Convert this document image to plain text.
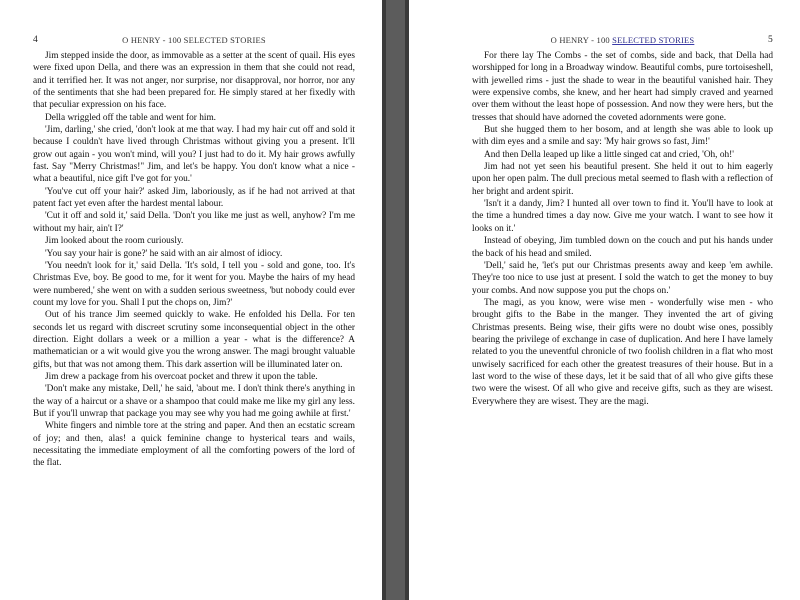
4	O HENRY - 100 SELECTED STORIES

Jim stepped inside the door, as immovable as a setter at the scent of quail. His eyes were fixed upon Della, and there was an expression in them that she could not read, and it terrified her. It was not anger, nor surprise, nor disapproval, nor horror, nor any of the sentiments that she had been prepared for. He simply stared at her fixedly with that peculiar expression on his face.

Della wriggled off the table and went for him.

'Jim, darling,' she cried, 'don't look at me that way. I had my hair cut off and sold it because I couldn't have lived through Christmas without giving you a present. It'll grow out again - you won't mind, will you? I just had to do it. My hair grows awfully fast. Say "Merry Christmas!" Jim, and let's be happy. You don't know what a nice - what a beautiful, nice gift I've got for you.'

'You've cut off your hair?' asked Jim, laboriously, as if he had not arrived at that patent fact yet even after the hardest mental labour.

'Cut it off and sold it,' said Della. 'Don't you like me just as well, anyhow? I'm me without my hair, ain't I?'

Jim looked about the room curiously.

'You say your hair is gone?' he said with an air almost of idiocy.

'You needn't look for it,' said Della. 'It's sold, I tell you - sold and gone, too. It's Christmas Eve, boy. Be good to me, for it went for you. Maybe the hairs of my head were numbered,' she went on with a sudden serious sweetness, 'but nobody could ever count my love for you. Shall I put the chops on, Jim?'

Out of his trance Jim seemed quickly to wake. He enfolded his Della. For ten seconds let us regard with discreet scrutiny some inconsequential object in the other direction. Eight dollars a week or a million a year - what is the difference? A mathematician or a wit would give you the wrong answer. The magi brought valuable gifts, but that was not among them. This dark assertion will be illuminated later on.

Jim drew a package from his overcoat pocket and threw it upon the table.

'Don't make any mistake, Dell,' he said, 'about me. I don't think there's anything in the way of a haircut or a shave or a shampoo that could make me like my girl any less. But if you'll unwrap that package you may see why you had me going awhile at first.'

White fingers and nimble tore at the string and paper. And then an ecstatic scream of joy; and then, alas! a quick feminine change to hysterical tears and wails, necessitating the immediate employment of all the comforting powers of the lord of the flat.

O HENRY - 100 SELECTED STORIES	5

For there lay The Combs - the set of combs, side and back, that Della had worshipped for long in a Broadway window. Beautiful combs, pure tortoiseshell, with jewelled rims - just the shade to wear in the beautiful vanished hair. They were expensive combs, she knew, and her heart had simply craved and yearned over them without the least hope of possession. And now they were hers, but the tresses that should have adorned the coveted adornments were gone.

But she hugged them to her bosom, and at length she was able to look up with dim eyes and a smile and say: 'My hair grows so fast, Jim!'

And then Della leaped up like a little singed cat and cried, 'Oh, oh!'

Jim had not yet seen his beautiful present. She held it out to him eagerly upon her open palm. The dull precious metal seemed to flash with a reflection of her bright and ardent spirit.

'Isn't it a dandy, Jim? I hunted all over town to find it. You'll have to look at the time a hundred times a day now. Give me your watch. I want to see how it looks on it.'

Instead of obeying, Jim tumbled down on the couch and put his hands under the back of his head and smiled.

'Dell,' said he, 'let's put our Christmas presents away and keep 'em awhile. They're too nice to use just at present. I sold the watch to get the money to buy your combs. And now suppose you put the chops on.'

The magi, as you know, were wise men - wonderfully wise men - who brought gifts to the Babe in the manger. They invented the art of giving Christmas presents. Being wise, their gifts were no doubt wise ones, possibly bearing the privilege of exchange in case of duplication. And here I have lamely related to you the uneventful chronicle of two foolish children in a flat who most unwisely sacrificed for each other the greatest treasures of their house. But in a last word to the wise of these days, let it be said that of all who give gifts these two were the wisest. Of all who give and receive gifts, such as they are wisest. Everywhere they are wisest. They are the magi.
